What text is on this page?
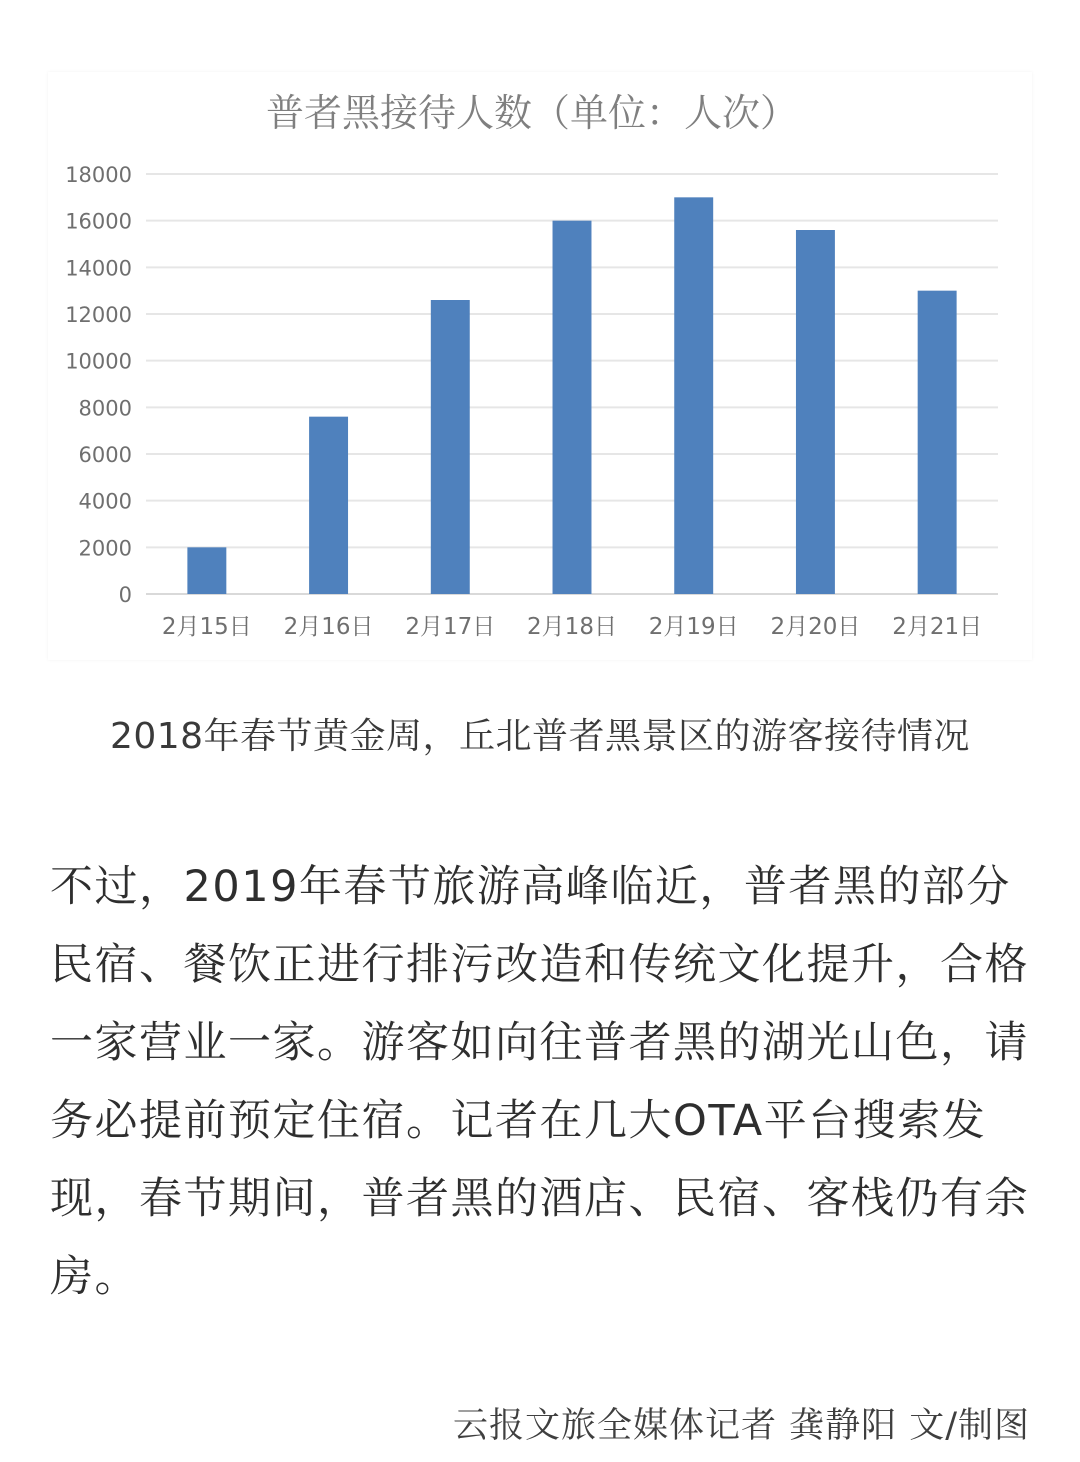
普者黑接待人数（单位：人次）
0
2000
4000
6000
8000
10000
12000
14000
16000
18000
2月15日 2月16日 2月17日 2月18日 2月19日 2月20日 2月21日
2018年春节黄金周，丘北普者黑景区的游客接待情况

不过，2019年春节旅游高峰临近，普者黑的部分民宿、餐饮正进行排污改造和传统文化提升，合格一家营业一家。游客如向往普者黑的湖光山色，请务必提前预定住宿。记者在几大OTA平台搜索发现，春节期间，普者黑的酒店、民宿、客栈仍有余房。

云报文旅全媒体记者 龚静阳 文/制图
